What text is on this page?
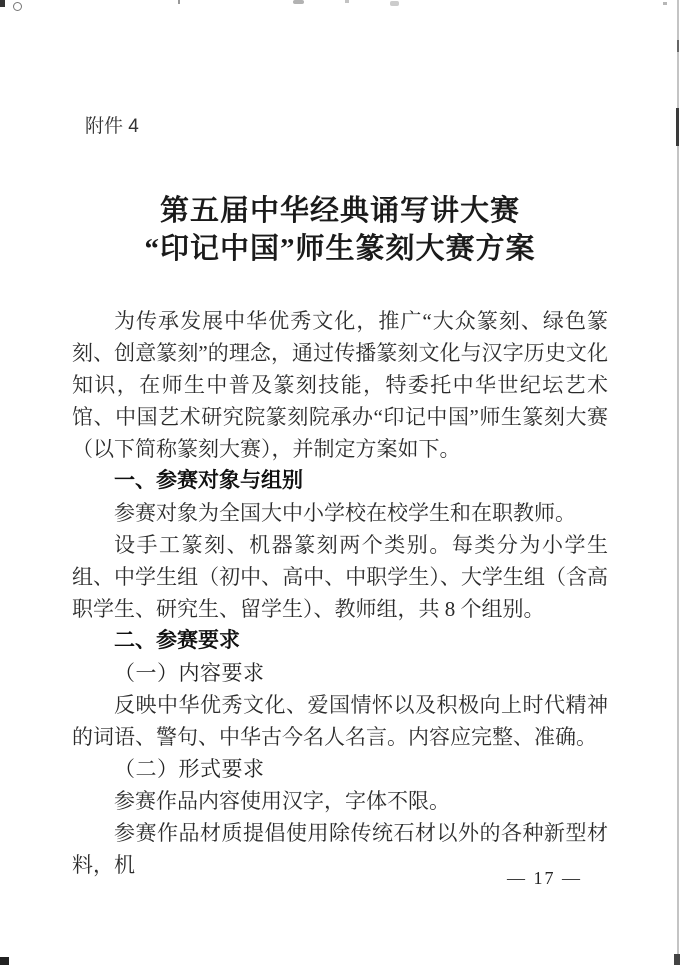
附件 4
第五届中华经典诵写讲大赛
“印记中国”师生篆刻大赛方案

为传承发展中华优秀文化，推广“大众篆刻、绿色篆刻、创意篆刻”的理念，通过传播篆刻文化与汉字历史文化知识，在师生中普及篆刻技能，特委托中华世纪坛艺术馆、中国艺术研究院篆刻院承办“印记中国”师生篆刻大赛（以下简称篆刻大赛），并制定方案如下。

一、参赛对象与组别

参赛对象为全国大中小学校在校学生和在职教师。

设手工篆刻、机器篆刻两个类别。每类分为小学生组、中学生组（初中、高中、中职学生）、大学生组（含高职学生、研究生、留学生）、教师组，共 8 个组别。

二、参赛要求

（一）内容要求

反映中华优秀文化、爱国情怀以及积极向上时代精神的词语、警句、中华古今名人名言。内容应完整、准确。

（二）形式要求

参赛作品内容使用汉字，字体不限。

参赛作品材质提倡使用除传统石材以外的各种新型材料，机

— 17 —
